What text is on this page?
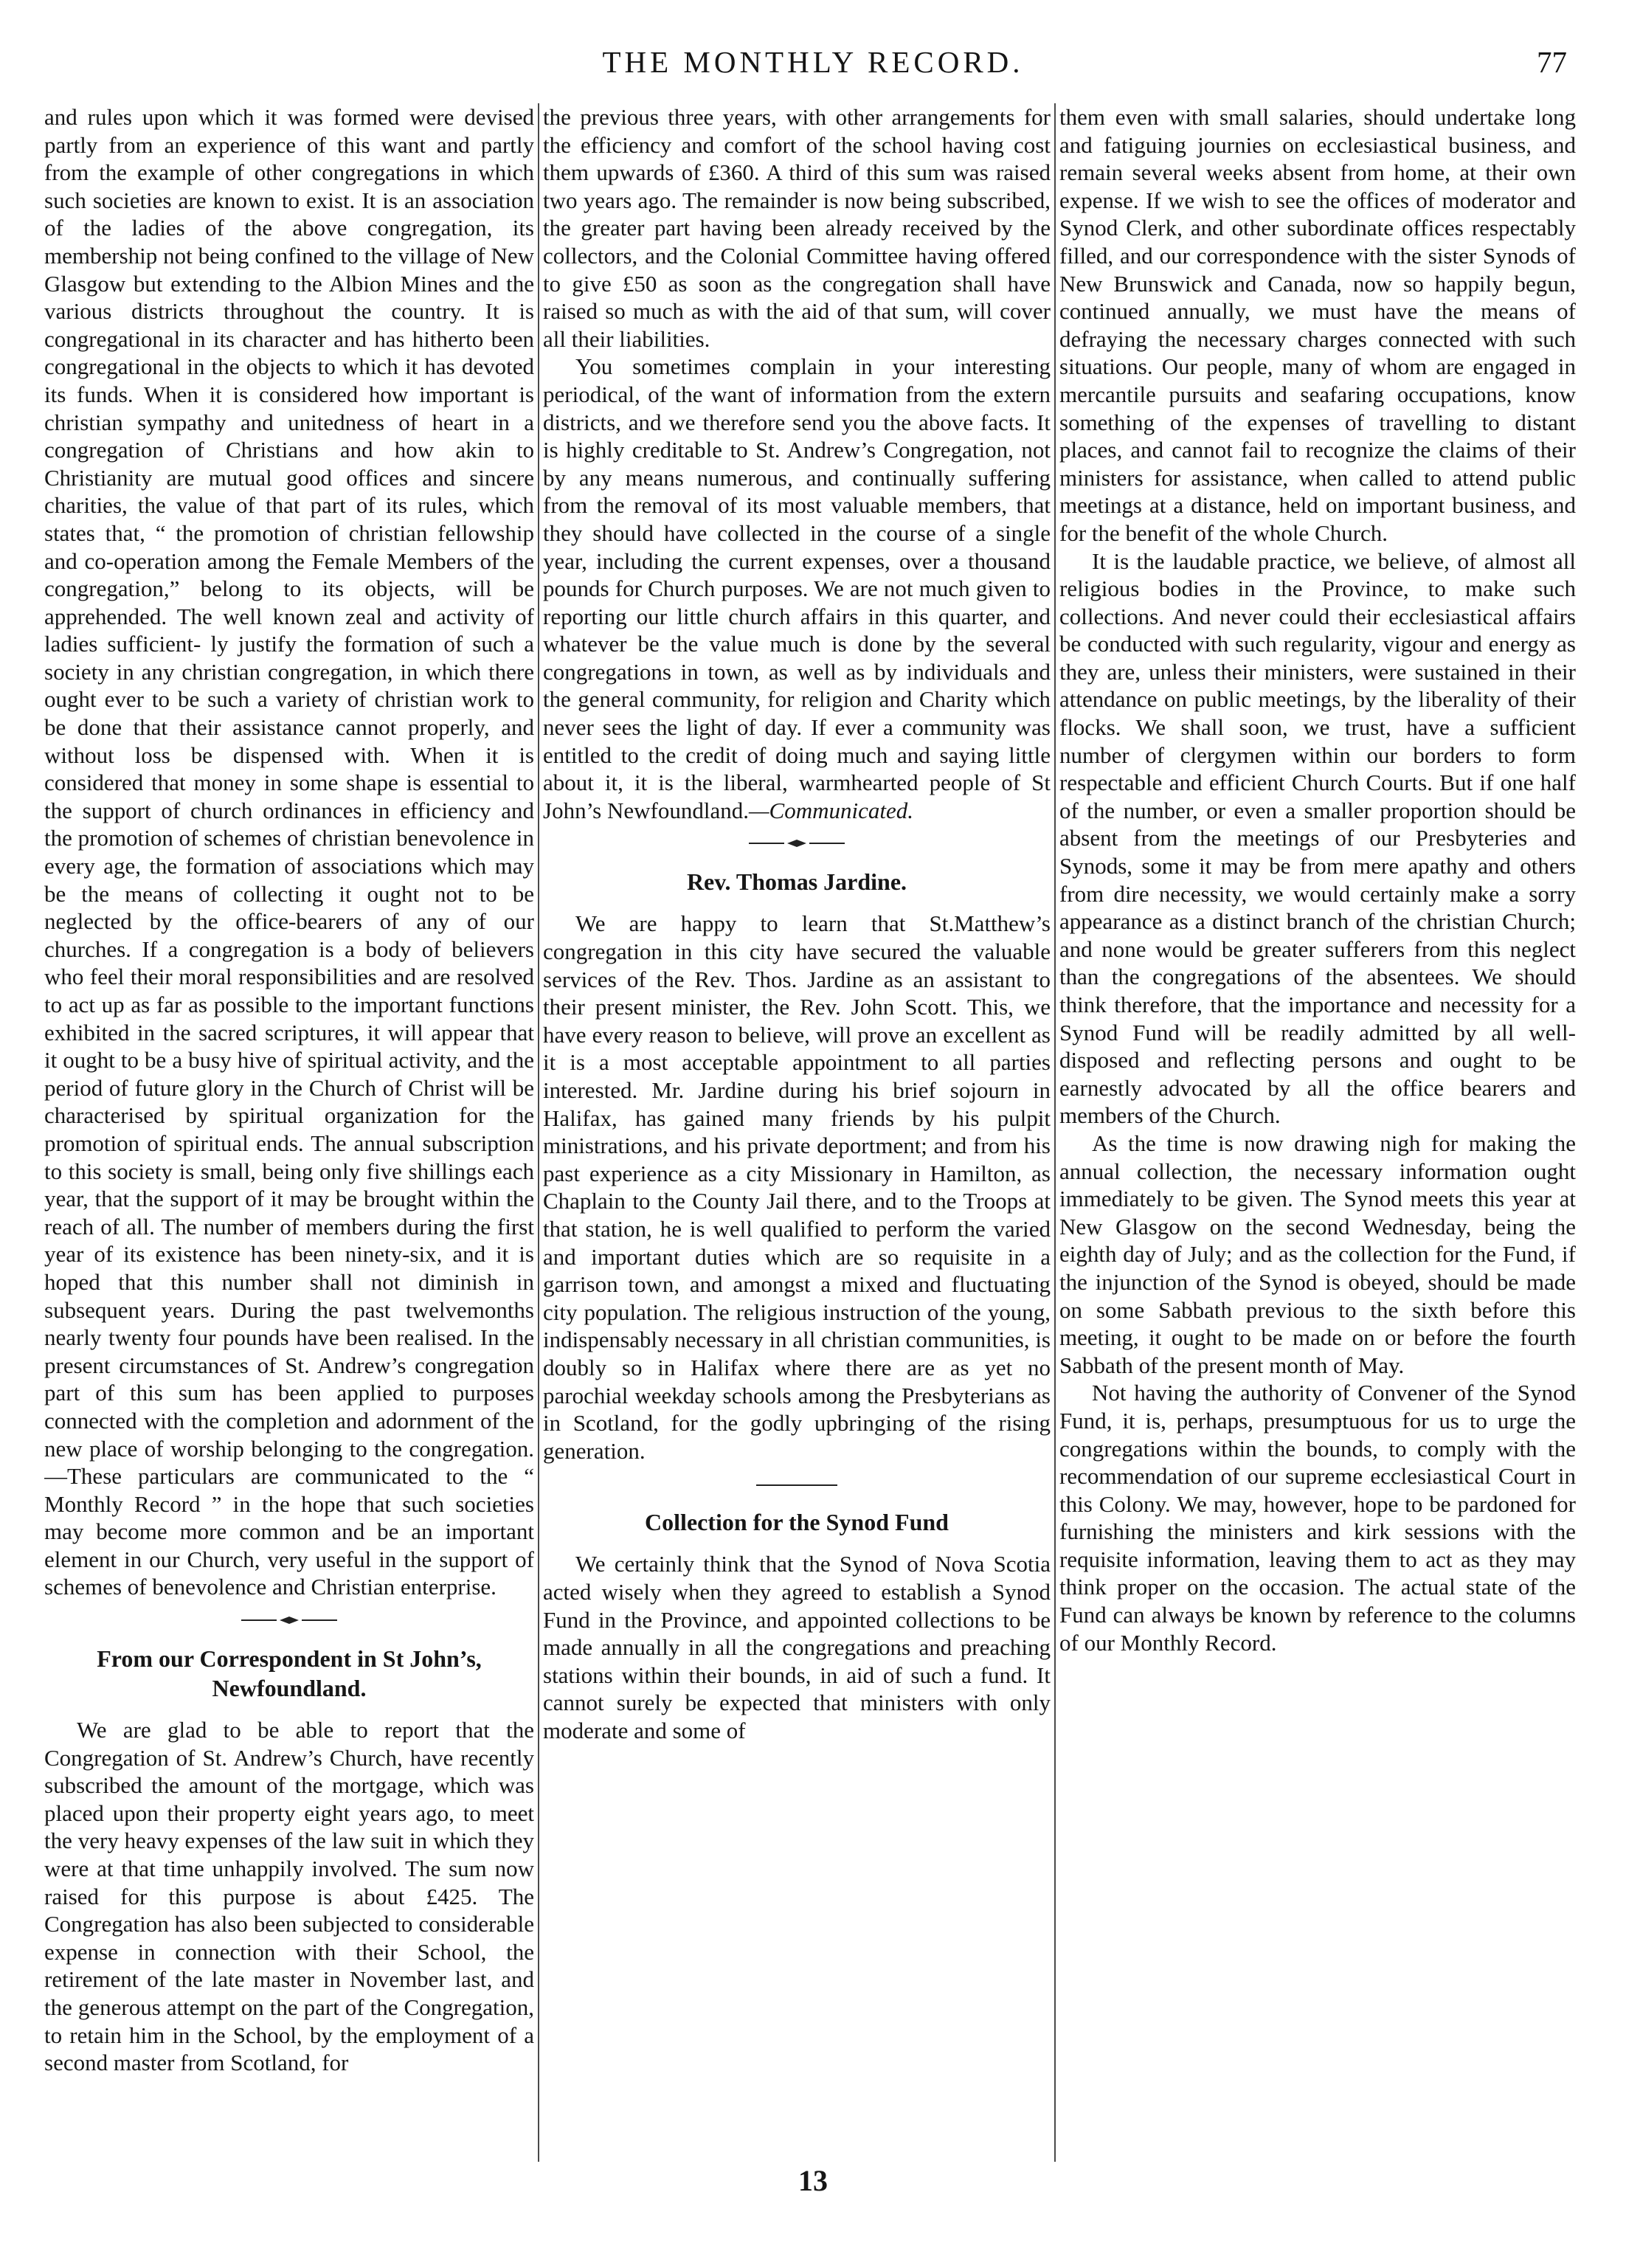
THE MONTHLY RECORD.	77

and rules upon which it was formed were devised partly from an experience of this want and partly from the example of other congregations in which such societies are known to exist. It is an association of the ladies of the above congregation, its membership not being confined to the village of New Glasgow but extending to the Albion Mines and the various districts throughout the country. It is congregational in its character and has hitherto been congregational in the objects to which it has devoted its funds. When it is considered how important is christian sympathy and unitedness of heart in a congregation of Christians and how akin to Christianity are mutual good offices and sincere charities, the value of that part of its rules, which states that, “ the promotion of christian fellowship and co-operation among the Female Members of the congregation,” belong to its objects, will be apprehended. The well known zeal and activity of ladies sufficient- ly justify the formation of such a society in any christian congregation, in which there ought ever to be such a variety of christian work to be done that their assistance cannot properly, and without loss be dispensed with. When it is considered that money in some shape is essential to the support of church ordinances in efficiency and the promotion of schemes of christian benevolence in every age, the formation of associations which may be the means of collecting it ought not to be neglected by the office-bearers of any of our churches. If a congregation is a body of believers who feel their moral responsibilities and are resolved to act up as far as possible to the important functions exhibited in the sacred scriptures, it will appear that it ought to be a busy hive of spiritual activity, and the period of future glory in the Church of Christ will be characterised by spiritual organization for the promotion of spiritual ends. The annual subscription to this society is small, being only five shillings each year, that the support of it may be brought within the reach of all. The number of members during the first year of its existence has been ninety-six, and it is hoped that this number shall not diminish in subsequent years. During the past twelvemonths nearly twenty four pounds have been realised. In the present circumstances of St. Andrew’s congregation part of this sum has been applied to purposes connected with the completion and adornment of the new place of worship belonging to the congregation.—These particulars are communicated to the “ Monthly Record ” in the hope that such societies may become more common and be an important element in our Church, very useful in the support of schemes of benevolence and Christian enterprise.

From our Correspondent in St John’s, Newfoundland.

We are glad to be able to report that the Congregation of St. Andrew’s Church, have recently subscribed the amount of the mortgage, which was placed upon their property eight years ago, to meet the very heavy expenses of the law suit in which they were at that time unhappily involved. The sum now raised for this purpose is about £425. The Congregation has also been subjected to considerable expense in connection with their School, the retirement of the late master in November last, and the generous attempt on the part of the Congregation, to retain him in the School, by the employment of a second master from Scotland, for

the previous three years, with other arrangements for the efficiency and comfort of the school having cost them upwards of £360. A third of this sum was raised two years ago. The remainder is now being subscribed, the greater part having been already received by the collectors, and the Colonial Committee having offered to give £50 as soon as the congregation shall have raised so much as with the aid of that sum, will cover all their liabilities.

You sometimes complain in your interesting periodical, of the want of information from the extern districts, and we therefore send you the above facts. It is highly creditable to St. Andrew’s Congregation, not by any means numerous, and continually suffering from the removal of its most valuable members, that they should have collected in the course of a single year, including the current expenses, over a thousand pounds for Church purposes. We are not much given to reporting our little church affairs in this quarter, and whatever be the value much is done by the several congregations in town, as well as by individuals and the general community, for religion and Charity which never sees the light of day. If ever a community was entitled to the credit of doing much and saying little about it, it is the liberal, warmhearted people of St John’s Newfoundland.—Communicated.

Rev. Thomas Jardine.

We are happy to learn that St.Matthew’s congregation in this city have secured the valuable services of the Rev. Thos. Jardine as an assistant to their present minister, the Rev. John Scott. This, we have every reason to believe, will prove an excellent as it is a most acceptable appointment to all parties interested. Mr. Jardine during his brief sojourn in Halifax, has gained many friends by his pulpit ministrations, and his private deportment; and from his past experience as a city Missionary in Hamilton, as Chaplain to the County Jail there, and to the Troops at that station, he is well qualified to perform the varied and important duties which are so requisite in a garrison town, and amongst a mixed and fluctuating city population. The religious instruction of the young, indispensably necessary in all christian communities, is doubly so in Halifax where there are as yet no parochial weekday schools among the Presbyterians as in Scotland, for the godly upbringing of the rising generation.

Collection for the Synod Fund

We certainly think that the Synod of Nova Scotia acted wisely when they agreed to establish a Synod Fund in the Province, and appointed collections to be made annually in all the congregations and preaching stations within their bounds, in aid of such a fund. It cannot surely be expected that ministers with only moderate and some of

them even with small salaries, should undertake long and fatiguing journies on ecclesiastical business, and remain several weeks absent from home, at their own expense. If we wish to see the offices of moderator and Synod Clerk, and other subordinate offices respectably filled, and our correspondence with the sister Synods of New Brunswick and Canada, now so happily begun, continued annually, we must have the means of defraying the necessary charges connected with such situations. Our people, many of whom are engaged in mercantile pursuits and seafaring occupations, know something of the expenses of travelling to distant places, and cannot fail to recognize the claims of their ministers for assistance, when called to attend public meetings at a distance, held on important business, and for the benefit of the whole Church.

It is the laudable practice, we believe, of almost all religious bodies in the Province, to make such collections. And never could their ecclesiastical affairs be conducted with such regularity, vigour and energy as they are, unless their ministers, were sustained in their attendance on public meetings, by the liberality of their flocks. We shall soon, we trust, have a sufficient number of clergymen within our borders to form respectable and efficient Church Courts. But if one half of the number, or even a smaller proportion should be absent from the meetings of our Presbyteries and Synods, some it may be from mere apathy and others from dire necessity, we would certainly make a sorry appearance as a distinct branch of the christian Church; and none would be greater sufferers from this neglect than the congregations of the absentees. We should think therefore, that the importance and necessity for a Synod Fund will be readily admitted by all well-disposed and reflecting persons and ought to be earnestly advocated by all the office bearers and members of the Church.

As the time is now drawing nigh for making the annual collection, the necessary information ought immediately to be given. The Synod meets this year at New Glasgow on the second Wednesday, being the eighth day of July; and as the collection for the Fund, if the injunction of the Synod is obeyed, should be made on some Sabbath previous to the sixth before this meeting, it ought to be made on or before the fourth Sabbath of the present month of May.

Not having the authority of Convener of the Synod Fund, it is, perhaps, presumptuous for us to urge the congregations within the bounds, to comply with the recommendation of our supreme ecclesiastical Court in this Colony. We may, however, hope to be pardoned for furnishing the ministers and kirk sessions with the requisite information, leaving them to act as they may think proper on the occasion. The actual state of the Fund can always be known by reference to the columns of our Monthly Record.

13
